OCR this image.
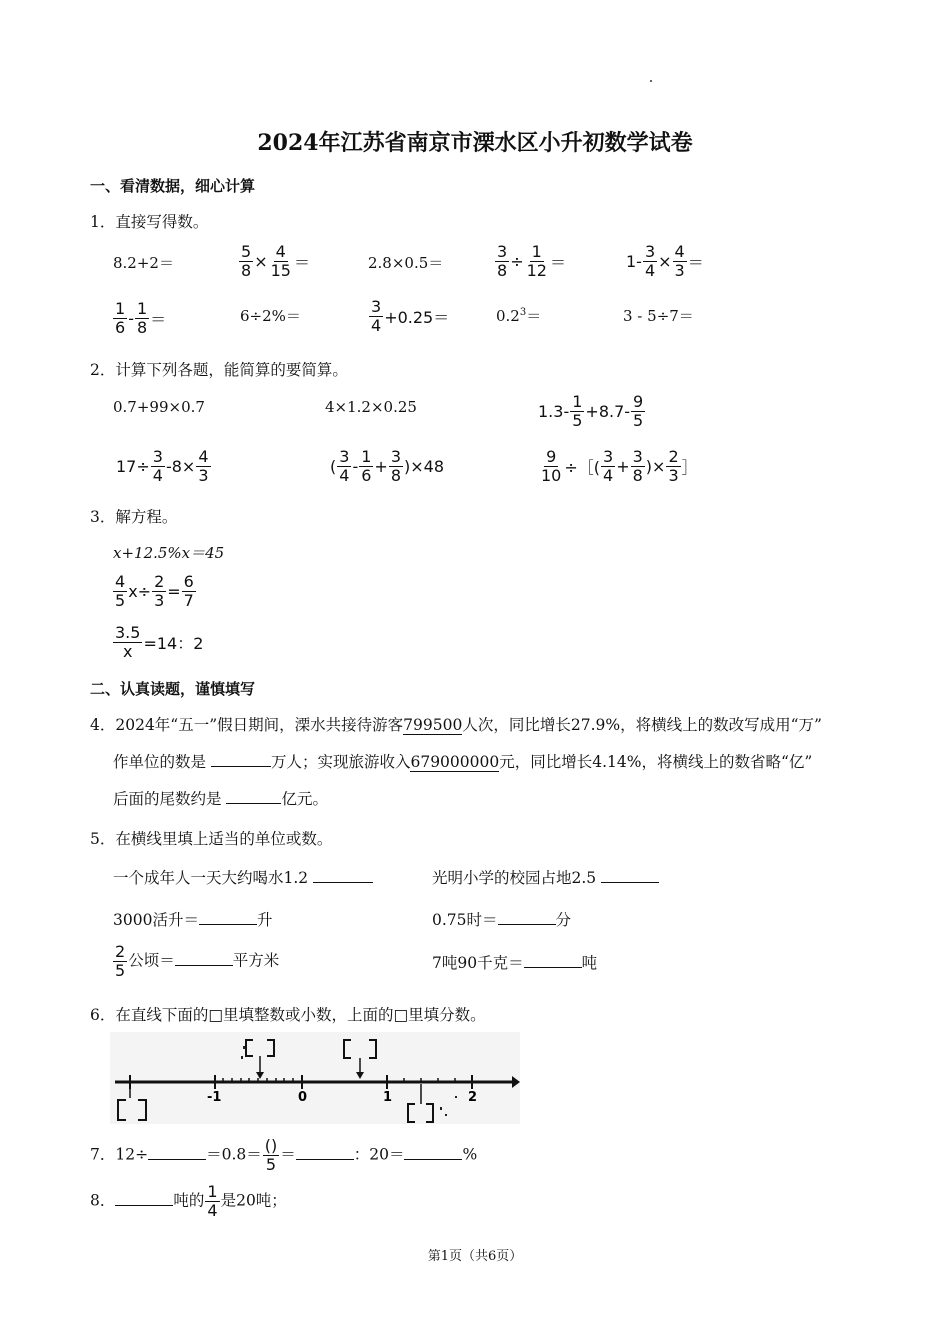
2024年江苏省南京市溧水区小升初数学试卷
一、看清数据，细心计算
1．直接写得数。
8.2+2＝	$\frac{5}{8} \times \frac{4}{15}$ ＝	2.8×0.5＝	$\frac{3}{8} \div \frac{1}{12}$ ＝	$1- \frac{3}{4} \times \frac{4}{3}$ ＝
$\frac{1}{6} - \frac{1}{8}$ ＝	6÷2%＝	$\frac{3}{4} +0.25=$	$0.2^3=$	3 - 5÷7＝
2．计算下列各题，能简算的要简算。
0.7+99×0.7	4×1.2×0.25	$1.3- \frac{1}{5} +8.7- \frac{9}{5}$
$17\div \frac{3}{4} -8\times \frac{4}{3}$	( $\frac{3}{4} - \frac{1}{6} + \frac{3}{8} )\times 48$	$\frac{9}{10}$ ÷［( $\frac{3}{4} + \frac{3}{8}$ )× $\frac{2}{3}$ ］
3．解方程。
x+12.5%x＝45
$\frac{4}{5} x\div \frac{2}{3} = \frac{6}{7}$
$\frac{3.5}{x} =14$：2
二、认真读题，谨慎填写
4．2024年“五一”假日期间，溧水共接待游客799500人次，同比增长27.9%，将横线上的数改写成用“万”
作单位的数是	万人；实现旅游收入679000000元，同比增长4.14%，将横线上的数省略“亿”
后面的尾数约是	亿元。
5．在横线里填上适当的单位或数。
一个成年人一天大约喝水1.2	光明小学的校园占地2.5
3000活升＝	升	0.75时＝	分
$\frac{2}{5}$ 公顷＝	平方米	7吨90千克＝	吨
6．在直线下面的□里填整数或小数，上面的□里填分数。
-1	0	1	2
7．12÷	$=0.8= \frac{()}{5}$ ＝	：20＝	%
8．	吨的 $\frac{1}{4}$ 是20吨；
第1页（共6页）
